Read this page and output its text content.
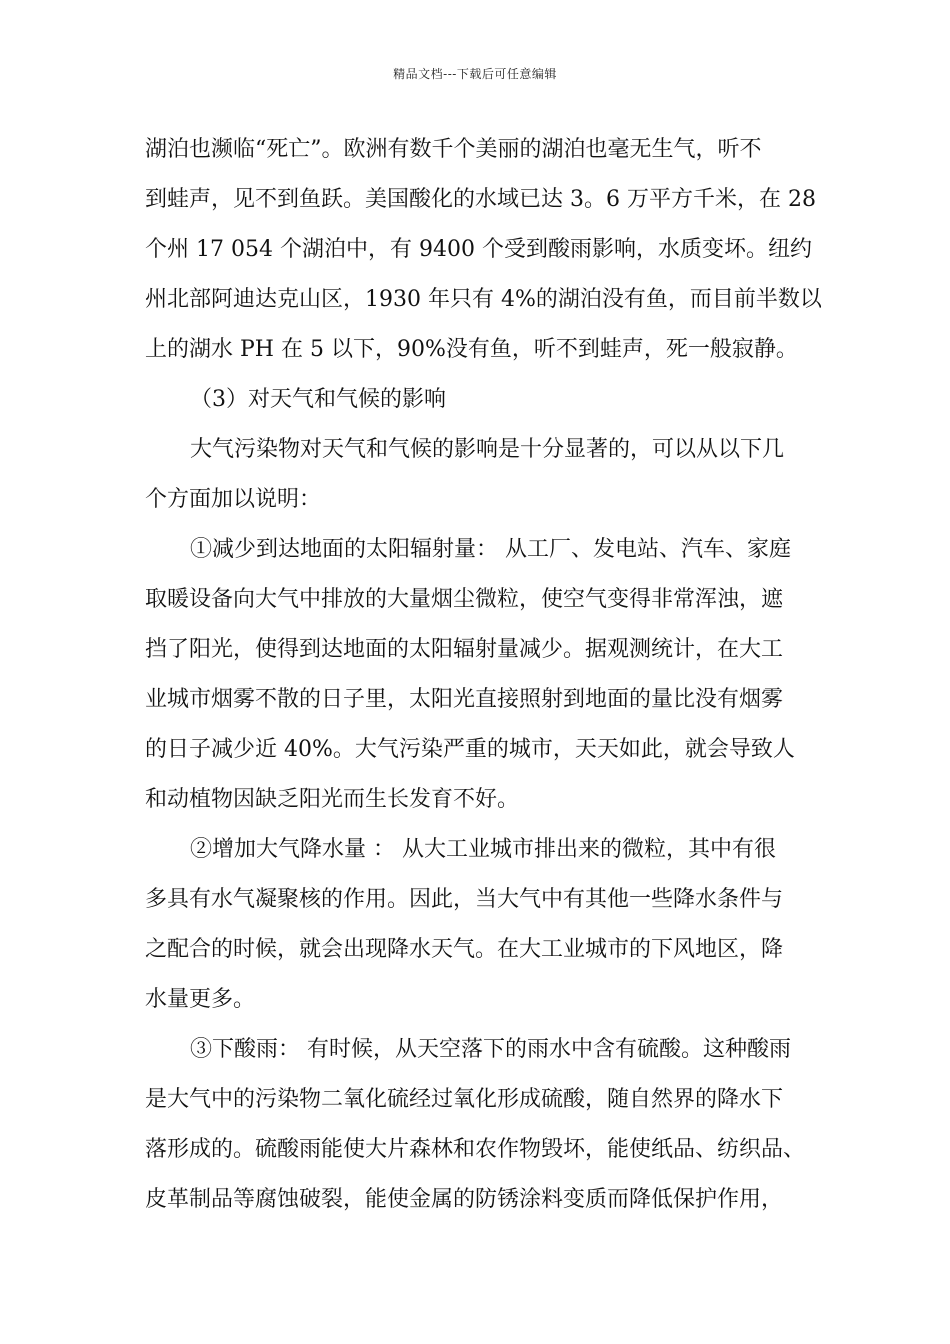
精品文档---下载后可任意编辑
湖泊也濒临“死亡”。欧洲有数千个美丽的湖泊也毫无生气，听不
到蛙声，见不到鱼跃。美国酸化的水域已达 3。6 万平方千米，在 28
个州 17 054 个湖泊中，有 9400 个受到酸雨影响，水质变坏。纽约
州北部阿迪达克山区，1930 年只有 4%的湖泊没有鱼，而目前半数以
上的湖水 PH 在 5 以下，90%没有鱼，听不到蛙声，死一般寂静。
（3）对天气和气候的影响
大气污染物对天气和气候的影响是十分显著的，可以从以下几
个方面加以说明：
①减少到达地面的太阳辐射量： 从工厂、发电站、汽车、家庭
取暖设备向大气中排放的大量烟尘微粒，使空气变得非常浑浊，遮
挡了阳光，使得到达地面的太阳辐射量减少。据观测统计，在大工
业城市烟雾不散的日子里，太阳光直接照射到地面的量比没有烟雾
的日子减少近 40%。大气污染严重的城市，天天如此，就会导致人
和动植物因缺乏阳光而生长发育不好。
②增加大气降水量 ： 从大工业城市排出来的微粒，其中有很
多具有水气凝聚核的作用。因此，当大气中有其他一些降水条件与
之配合的时候，就会出现降水天气。在大工业城市的下风地区，降
水量更多。
③下酸雨： 有时候，从天空落下的雨水中含有硫酸。这种酸雨
是大气中的污染物二氧化硫经过氧化形成硫酸，随自然界的降水下
落形成的。硫酸雨能使大片森林和农作物毁坏，能使纸品、纺织品、
皮革制品等腐蚀破裂，能使金属的防锈涂料变质而降低保护作用，
